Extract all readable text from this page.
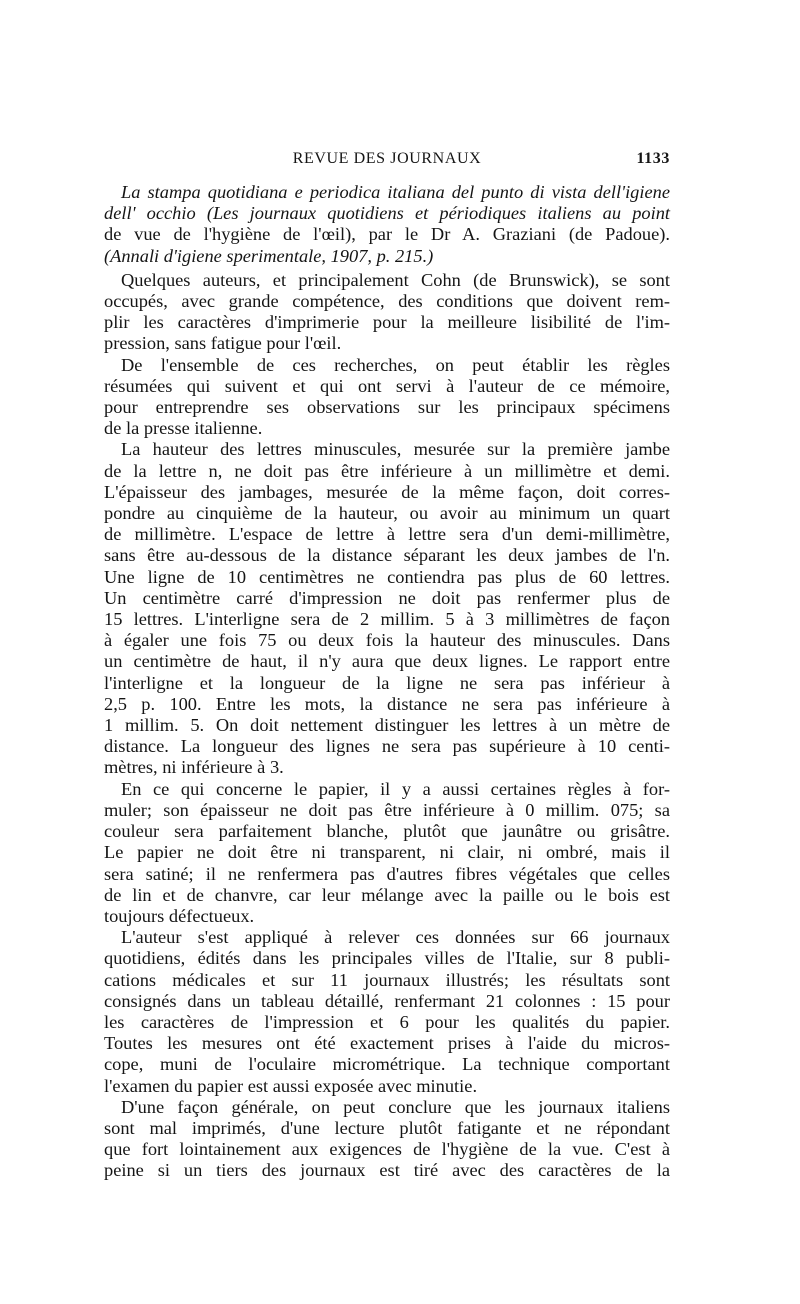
REVUE DES JOURNAUX	1133
La stampa quotidiana e periodica italiana del punto di vista dell'igiene
dell' occhio (Les journaux quotidiens et périodiques italiens au point
de vue de l'hygiène de l'œil), par le Dr A. Graziani (de Padoue).
(Annali d'igiene sperimentale, 1907, p. 215.)
Quelques auteurs, et principalement Cohn (de Brunswick), se sont
occupés, avec grande compétence, des conditions que doivent rem-
plir les caractères d'imprimerie pour la meilleure lisibilité de l'im-
pression, sans fatigue pour l'œil.
De l'ensemble de ces recherches, on peut établir les règles
résumées qui suivent et qui ont servi à l'auteur de ce mémoire,
pour entreprendre ses observations sur les principaux spécimens
de la presse italienne.
La hauteur des lettres minuscules, mesurée sur la première jambe
de la lettre n, ne doit pas être inférieure à un millimètre et demi.
L'épaisseur des jambages, mesurée de la même façon, doit corres-
pondre au cinquième de la hauteur, ou avoir au minimum un quart
de millimètre. L'espace de lettre à lettre sera d'un demi-millimètre,
sans être au-dessous de la distance séparant les deux jambes de l'n.
Une ligne de 10 centimètres ne contiendra pas plus de 60 lettres.
Un centimètre carré d'impression ne doit pas renfermer plus de
15 lettres. L'interligne sera de 2 millim. 5 à 3 millimètres de façon
à égaler une fois 75 ou deux fois la hauteur des minuscules. Dans
un centimètre de haut, il n'y aura que deux lignes. Le rapport entre
l'interligne et la longueur de la ligne ne sera pas inférieur à
2,5 p. 100. Entre les mots, la distance ne sera pas inférieure à
1 millim. 5. On doit nettement distinguer les lettres à un mètre de
distance. La longueur des lignes ne sera pas supérieure à 10 centi-
mètres, ni inférieure à 3.
En ce qui concerne le papier, il y a aussi certaines règles à for-
muler; son épaisseur ne doit pas être inférieure à 0 millim. 075; sa
couleur sera parfaitement blanche, plutôt que jaunâtre ou grisâtre.
Le papier ne doit être ni transparent, ni clair, ni ombré, mais il
sera satiné; il ne renfermera pas d'autres fibres végétales que celles
de lin et de chanvre, car leur mélange avec la paille ou le bois est
toujours défectueux.
L'auteur s'est appliqué à relever ces données sur 66 journaux
quotidiens, édités dans les principales villes de l'Italie, sur 8 publi-
cations médicales et sur 11 journaux illustrés; les résultats sont
consignés dans un tableau détaillé, renfermant 21 colonnes : 15 pour
les caractères de l'impression et 6 pour les qualités du papier.
Toutes les mesures ont été exactement prises à l'aide du micros-
cope, muni de l'oculaire micrométrique. La technique comportant
l'examen du papier est aussi exposée avec minutie.
D'une façon générale, on peut conclure que les journaux italiens
sont mal imprimés, d'une lecture plutôt fatigante et ne répondant
que fort lointainement aux exigences de l'hygiène de la vue. C'est à
peine si un tiers des journaux est tiré avec des caractères de la
